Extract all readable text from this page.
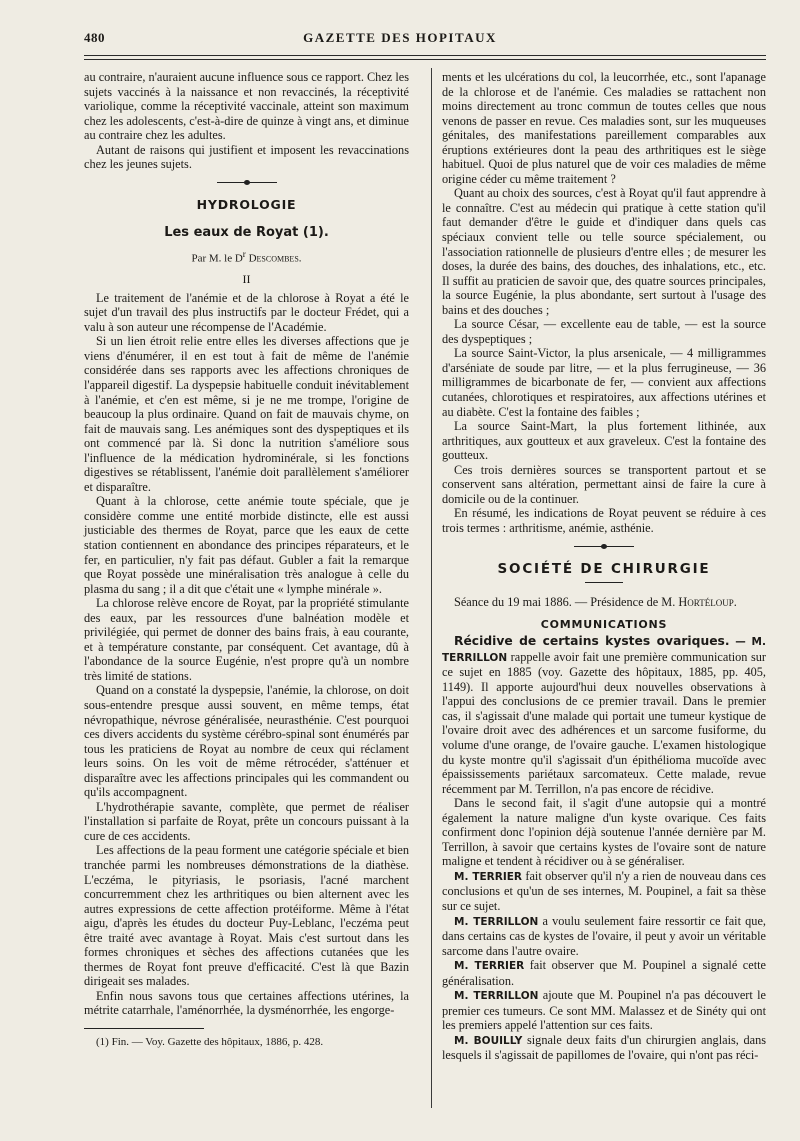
480	GAZETTE DES HOPITAUX

au contraire, n'auraient aucune influence sous ce rapport. Chez les sujets vaccinés à la naissance et non revaccinés, la réceptivité variolique, comme la réceptivité vaccinale, atteint son maximum chez les adolescents, c'est-à-dire de quinze à vingt ans, et diminue au contraire chez les adultes.

Autant de raisons qui justifient et imposent les revaccinations chez les jeunes sujets.

HYDROLOGIE
Les eaux de Royat (1).
Par M. le $D^r$ Descombes.
II

Le traitement de l'anémie et de la chlorose à Royat a été le sujet d'un travail des plus instructifs par le docteur Frédet, qui a valu à son auteur une récompense de l'Académie.

Si un lien étroit relie entre elles les diverses affections que je viens d'énumérer, il en est tout à fait de même de l'anémie considérée dans ses rapports avec les affections chroniques de l'appareil digestif. La dyspepsie habituelle conduit inévitablement à l'anémie, et c'en est même, si je ne me trompe, l'origine de beaucoup la plus ordinaire. Quand on fait de mauvais chyme, on fait de mauvais sang. Les anémiques sont des dyspeptiques et ils ont commencé par là. Si donc la nutrition s'améliore sous l'influence de la médication hydrominérale, si les fonctions digestives se rétablissent, l'anémie doit parallèlement s'améliorer et disparaître.

Quant à la chlorose, cette anémie toute spéciale, que je considère comme une entité morbide distincte, elle est aussi justiciable des thermes de Royat, parce que les eaux de cette station contiennent en abondance des principes réparateurs, et le fer, en particulier, n'y fait pas défaut. Gubler a fait la remarque que Royat possède une minéralisation très analogue à celle du plasma du sang ; il a dit que c'était une « lymphe minérale ».

La chlorose relève encore de Royat, par la propriété stimulante des eaux, par les ressources d'une balnéation modèle et privilégiée, qui permet de donner des bains frais, à eau courante, et à température constante, par conséquent. Cet avantage, dû à l'abondance de la source Eugénie, n'est propre qu'à un nombre très limité de stations.

Quand on a constaté la dyspepsie, l'anémie, la chlorose, on doit sous-entendre presque aussi souvent, en même temps, état névropathique, névrose généralisée, neurasthénie. C'est pourquoi ces divers accidents du système cérébro-spinal sont énumérés par tous les praticiens de Royat au nombre de ceux qui réclament leurs soins. On les voit de même rétrocéder, s'atténuer et disparaître avec les affections principales qui les commandent ou qu'ils accompagnent.

L'hydrothérapie savante, complète, que permet de réaliser l'installation si parfaite de Royat, prête un concours puissant à la cure de ces accidents.

Les affections de la peau forment une catégorie spéciale et bien tranchée parmi les nombreuses démonstrations de la diathèse. L'eczéma, le pityriasis, le psoriasis, l'acné marchent concurremment chez les arthritiques ou bien alternent avec les autres expressions de cette affection protéiforme. Même à l'état aigu, d'après les études du docteur Puy-Leblanc, l'eczéma peut être traité avec avantage à Royat. Mais c'est surtout dans les formes chroniques et sèches des affections cutanées que les thermes de Royat font preuve d'efficacité. C'est là que Bazin dirigeait ses malades.

Enfin nous savons tous que certaines affections utérines, la métrite catarrhale, l'aménorrhée, la dysménorrhée, les engorge-

(1) Fin. — Voy. Gazette des hôpitaux, 1886, p. 428.

ments et les ulcérations du col, la leucorrhée, etc., sont l'apanage de la chlorose et de l'anémie. Ces maladies se rattachent non moins directement au tronc commun de toutes celles que nous venons de passer en revue. Ces maladies sont, sur les muqueuses génitales, des manifestations pareillement comparables aux éruptions extérieures dont la peau des arthritiques est le siège habituel. Quoi de plus naturel que de voir ces maladies de même origine céder cu même traitement ?

Quant au choix des sources, c'est à Royat qu'il faut apprendre à le connaître. C'est au médecin qui pratique à cette station qu'il faut demander d'être le guide et d'indiquer dans quels cas spéciaux convient telle ou telle source spécialement, ou l'association rationnelle de plusieurs d'entre elles ; de mesurer les doses, la durée des bains, des douches, des inhalations, etc., etc. Il suffit au praticien de savoir que, des quatre sources principales, la source Eugénie, la plus abondante, sert surtout à l'usage des bains et des douches ;

La source César, — excellente eau de table, — est la source des dyspeptiques ;

La source Saint-Victor, la plus arsenicale, — 4 milligrammes d'arséniate de soude par litre, — et la plus ferrugineuse, — 36 milligrammes de bicarbonate de fer, — convient aux affections cutanées, chlorotiques et respiratoires, aux affections utérines et au diabète. C'est la fontaine des faibles ;

La source Saint-Mart, la plus fortement lithinée, aux arthritiques, aux goutteux et aux graveleux. C'est la fontaine des goutteux.

Ces trois dernières sources se transportent partout et se conservent sans altération, permettant ainsi de faire la cure à domicile ou de la continuer.

En résumé, les indications de Royat peuvent se réduire à ces trois termes : arthritisme, anémie, asthénie.

SOCIÉTÉ DE CHIRURGIE

Séance du 19 mai 1886. — Présidence de M. Hortéloup.

COMMUNICATIONS

Récidive de certains kystes ovariques. — M. TERRILLON rappelle avoir fait une première communication sur ce sujet en 1885 (voy. Gazette des hôpitaux, 1885, pp. 405, 1149). Il apporte aujourd'hui deux nouvelles observations à l'appui des conclusions de ce premier travail. Dans le premier cas, il s'agissait d'une malade qui portait une tumeur kystique de l'ovaire droit avec des adhérences et un sarcome fusiforme, du volume d'une orange, de l'ovaire gauche. L'examen histologique du kyste montre qu'il s'agissait d'un épithélioma mucoïde avec épaississements pariétaux sarcomateux. Cette malade, revue récemment par M. Terrillon, n'a pas encore de récidive.

Dans le second fait, il s'agit d'une autopsie qui a montré également la nature maligne d'un kyste ovarique. Ces faits confirment donc l'opinion déjà soutenue l'année dernière par M. Terrillon, à savoir que certains kystes de l'ovaire sont de nature maligne et tendent à récidiver ou à se généraliser.

M. TERRIER fait observer qu'il n'y a rien de nouveau dans ces conclusions et qu'un de ses internes, M. Poupinel, a fait sa thèse sur ce sujet.

M. TERRILLON a voulu seulement faire ressortir ce fait que, dans certains cas de kystes de l'ovaire, il peut y avoir un véritable sarcome dans l'autre ovaire.

M. TERRIER fait observer que M. Poupinel a signalé cette généralisation.

M. TERRILLON ajoute que M. Poupinel n'a pas découvert le premier ces tumeurs. Ce sont MM. Malassez et de Sinéty qui ont les premiers appelé l'attention sur ces faits.

M. BOUILLY signale deux faits d'un chirurgien anglais, dans lesquels il s'agissait de papillomes de l'ovaire, qui n'ont pas réci-
